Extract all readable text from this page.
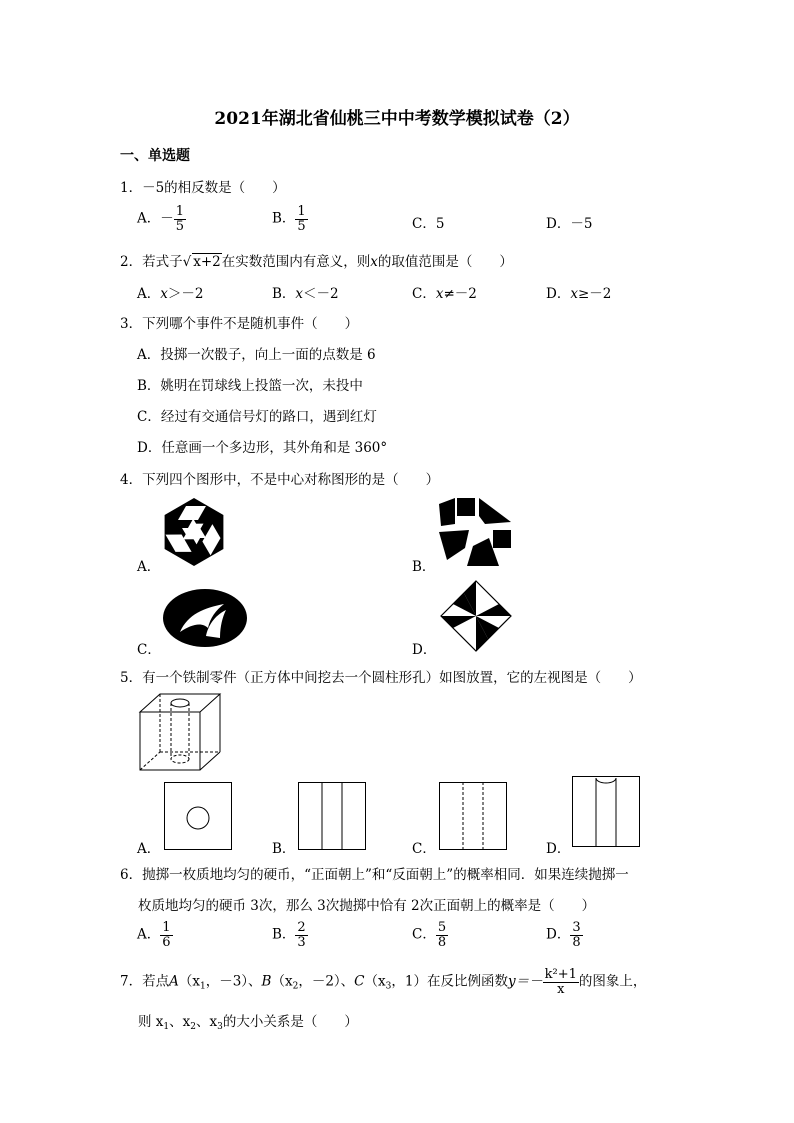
2021年湖北省仙桃三中中考数学模拟试卷（2）
一、单选题
1．－5的相反数是（　　）
A．－ $\frac{1}{5}$	B． $\frac{1}{5}$	C．5	D．－5
2．若式子√ x+2在实数范围内有意义，则x的取值范围是（　　）
A．x＞－2	B．x＜－2	C．x≠－2	D．x≥－2
3．下列哪个事件不是随机事件（　　）
A．投掷一次骰子，向上一面的点数是 6
B．姚明在罚球线上投篮一次，未投中
C．经过有交通信号灯的路口，遇到红灯
D．任意画一个多边形，其外角和是 360°
4．下列四个图形中，不是中心对称图形的是（　　）
A．	B．
C．	D．
5．有一个铁制零件（正方体中间挖去一个圆柱形孔）如图放置，它的左视图是（　　）
A．	B．	C．	D．
6．抛掷一枚质地均匀的硬币，“正面朝上”和“反面朝上”的概率相同．如果连续抛掷一
枚质地均匀的硬币 3次，那么 3次抛掷中恰有 2次正面朝上的概率是（　　）
A． $\frac{1}{6}$	B． $\frac{2}{3}$	C． $\frac{5}{8}$	D． $\frac{3}{8}$
7．若点$A(x_1$，－3）、$B(x_2$，－2）、$C(x_3$，1）在反比例函数$y=- \frac{\text{k²+1}}{x}$ 的图象上，
则 $x_1$、$x_2$、$x_3$的大小关系是（　　）
